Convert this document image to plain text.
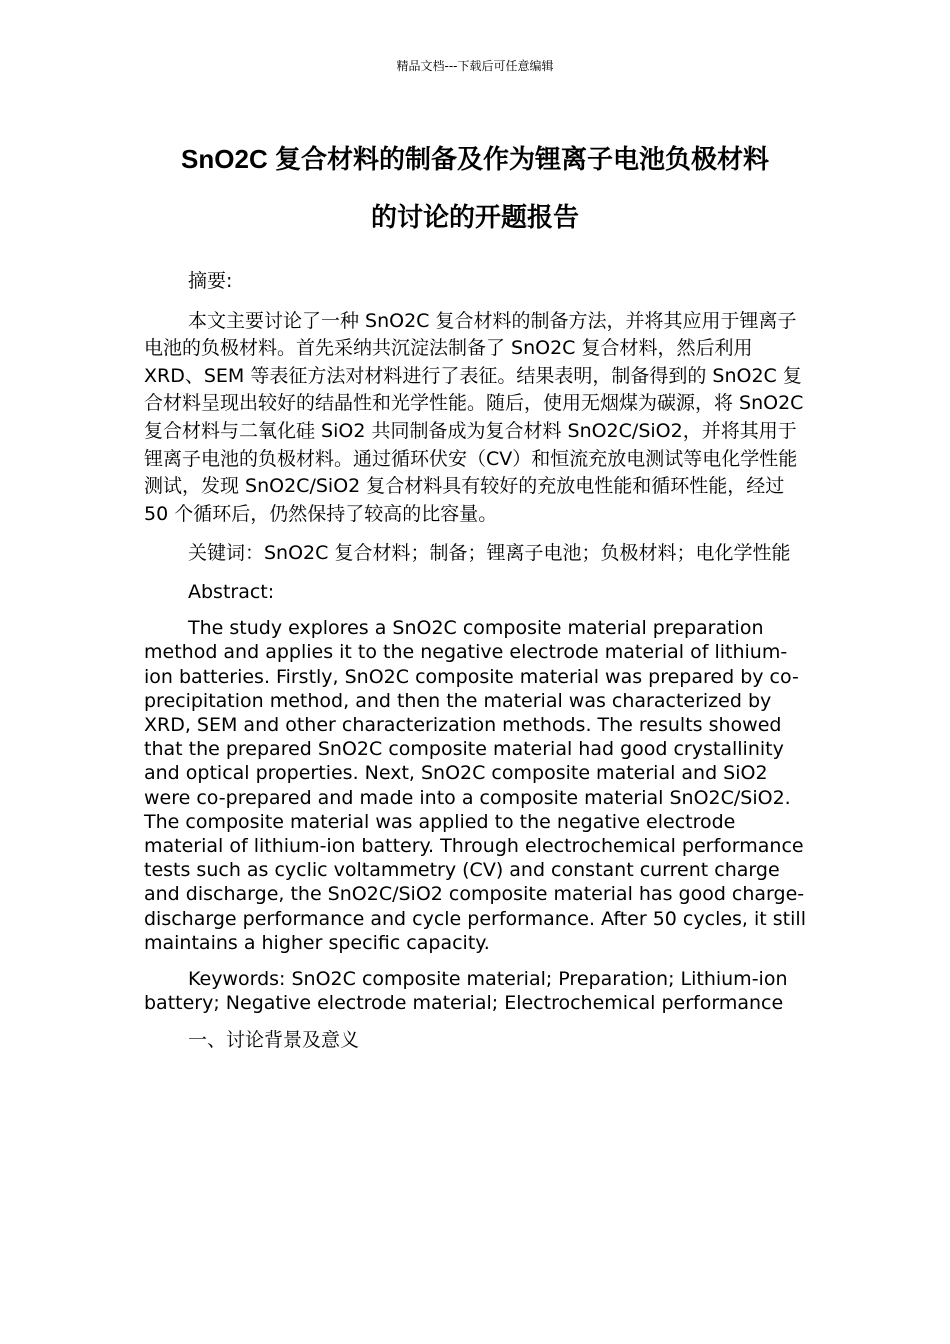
精品文档---下载后可任意编辑
SnO2C 复合材料的制备及作为锂离子电池负极材料
的讨论的开题报告

摘要:

本文主要讨论了一种 SnO2C 复合材料的制备方法，并将其应用于锂离子电池的负极材料。首先采纳共沉淀法制备了 SnO2C 复合材料，然后利用 XRD、SEM 等表征方法对材料进行了表征。结果表明，制备得到的 SnO2C 复合材料呈现出较好的结晶性和光学性能。随后，使用无烟煤为碳源，将 SnO2C 复合材料与二氧化硅 SiO2 共同制备成为复合材料 SnO2C/SiO2，并将其用于锂离子电池的负极材料。通过循环伏安（CV）和恒流充放电测试等电化学性能测试，发现 SnO2C/SiO2 复合材料具有较好的充放电性能和循环性能，经过 50 个循环后，仍然保持了较高的比容量。

关键词：SnO2C 复合材料；制备；锂离子电池；负极材料；电化学性能

Abstract:

The study explores a SnO2C composite material preparation method and applies it to the negative electrode material of lithium-ion batteries. Firstly, SnO2C composite material was prepared by co-precipitation method, and then the material was characterized by XRD, SEM and other characterization methods. The results showed that the prepared SnO2C composite material had good crystallinity and optical properties. Next, SnO2C composite material and SiO2 were co-prepared and made into a composite material SnO2C/SiO2. The composite material was applied to the negative electrode material of lithium-ion battery. Through electrochemical performance tests such as cyclic voltammetry (CV) and constant current charge and discharge, the SnO2C/SiO2 composite material has good charge-discharge performance and cycle performance. After 50 cycles, it still maintains a higher specific capacity.

Keywords: SnO2C composite material; Preparation; Lithium-ion battery; Negative electrode material; Electrochemical performance

一、讨论背景及意义
